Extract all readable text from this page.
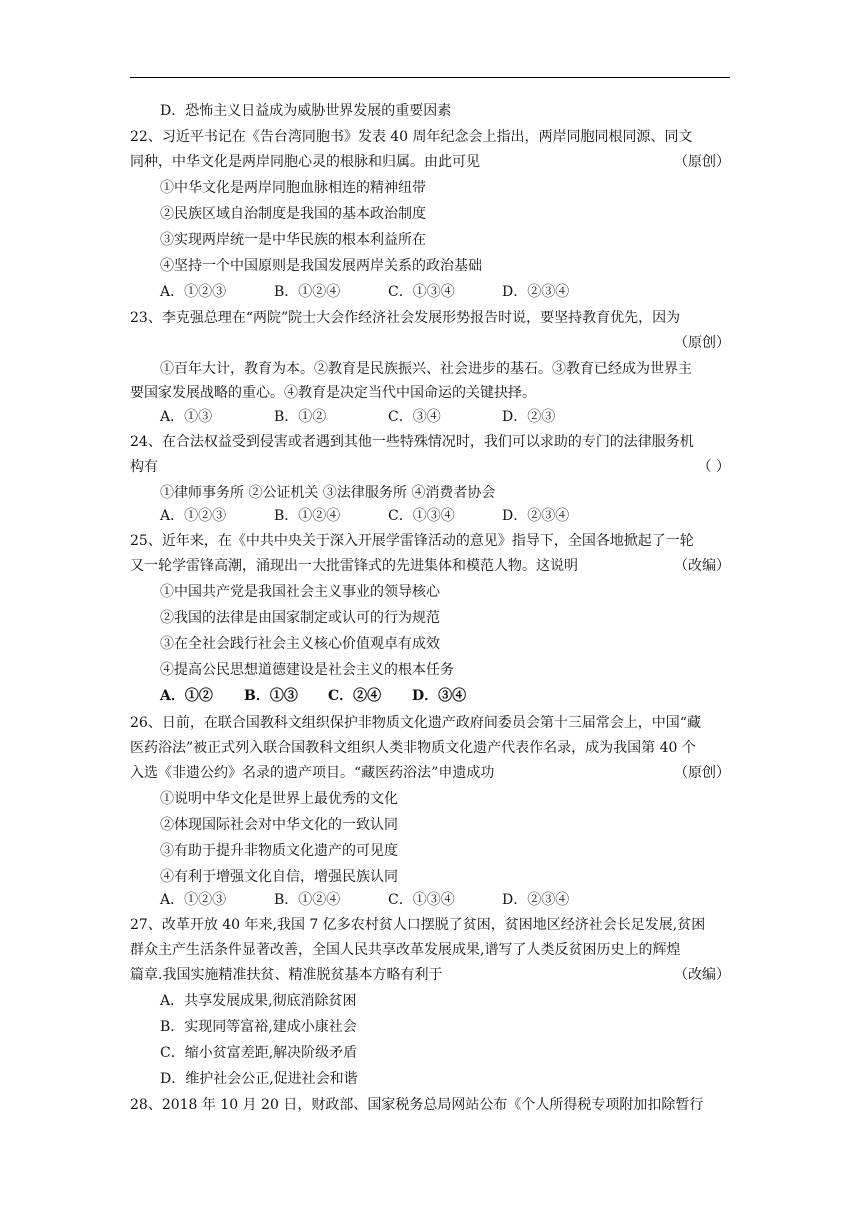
D．恐怖主义日益成为威胁世界发展的重要因素
22、习近平书记在《告台湾同胞书》发表 40 周年纪念会上指出，两岸同胞同根同源、同文
同种，中华文化是两岸同胞心灵的根脉和归属。由此可见	（原创）
①中华文化是两岸同胞血脉相连的精神纽带
②民族区域自治制度是我国的基本政治制度
③实现两岸统一是中华民族的根本利益所在
④坚持一个中国原则是我国发展两岸关系的政治基础
A．①②③	B．①②④	C．①③④	D．②③④
23、李克强总理在“两院”院士大会作经济社会发展形势报告时说，要坚持教育优先，因为
（原创）
①百年大计，教育为本。②教育是民族振兴、社会进步的基石。③教育已经成为世界主
要国家发展战略的重心。④教育是决定当代中国命运的关键抉择。
A．①③	B．①②	C．③④	D．②③
24、在合法权益受到侵害或者遇到其他一些特殊情况时，我们可以求助的专门的法律服务机
构有	（ ）
①律师事务所 ②公证机关 ③法律服务所 ④消费者协会
A．①②③	B．①②④	C．①③④	D．②③④
25、近年来，在《中共中央关于深入开展学雷锋活动的意见》指导下，全国各地掀起了一轮
又一轮学雷锋高潮，涌现出一大批雷锋式的先进集体和模范人物。这说明	（改编）
①中国共产党是我国社会主义事业的领导核心
②我国的法律是由国家制定或认可的行为规范
③在全社会践行社会主义核心价值观卓有成效
④提高公民思想道德建设是社会主义的根本任务
A．①② B．①③ C．②④ D．③④
26、日前，在联合国教科文组织保护非物质文化遗产政府间委员会第十三届常会上，中国“藏
医药浴法”被正式列入联合国教科文组织人类非物质文化遗产代表作名录，成为我国第 40 个
入选《非遗公约》名录的遗产项目。“藏医药浴法”申遗成功	（原创）
①说明中华文化是世界上最优秀的文化
②体现国际社会对中华文化的一致认同
③有助于提升非物质文化遗产的可见度
④有利于增强文化自信，增强民族认同
A．①②③	B．①②④	C．①③④	D．②③④
27、改革开放 40 年来,我国 7 亿多农村贫人口摆脱了贫困，贫困地区经济社会长足发展,贫困
群众主产生活条件显著改善，全国人民共享改革发展成果,谱写了人类反贫困历史上的辉煌
篇章.我国实施精准扶贫、精准脱贫基本方略有利于	（改编）
A．共享发展成果,彻底消除贫困
B．实现同等富裕,建成小康社会
C．缩小贫富差距,解决阶级矛盾
D．维护社会公正,促进社会和谐
28、2018 年 10 月 20 日，财政部、国家税务总局网站公布《个人所得税专项附加扣除暂行
